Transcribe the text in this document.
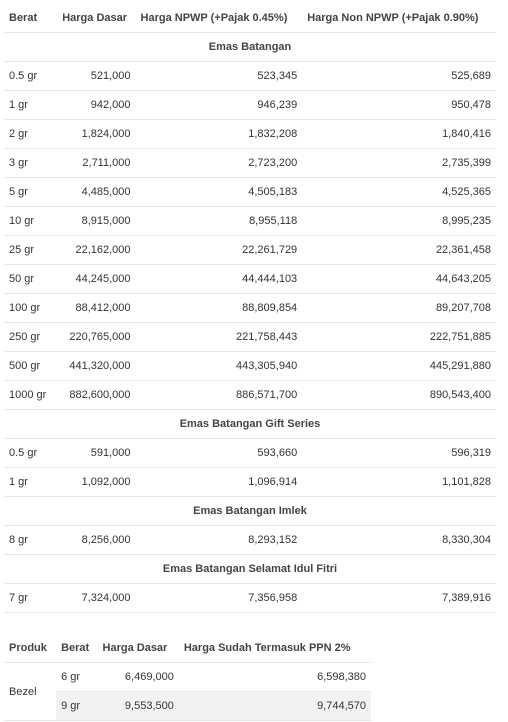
Berat	Harga Dasar	Harga NPWP (+Pajak 0.45%)	Harga Non NPWP (+Pajak 0.90%)
Emas Batangan			
0.5 gr	521,000	523,345	525,689
1 gr	942,000	946,239	950,478
2 gr	1,824,000	1,832,208	1,840,416
3 gr	2,711,000	2,723,200	2,735,399
5 gr	4,485,000	4,505,183	4,525,365
10 gr	8,915,000	8,955,118	8,995,235
25 gr	22,162,000	22,261,729	22,361,458
50 gr	44,245,000	44,444,103	44,643,205
100 gr	88,412,000	88,809,854	89,207,708
250 gr	220,765,000	221,758,443	222,751,885
500 gr	441,320,000	443,305,940	445,291,880
1000 gr	882,600,000	886,571,700	890,543,400
Emas Batangan Gift Series			
0.5 gr	591,000	593,660	596,319
1 gr	1,092,000	1,096,914	1,101,828
Emas Batangan Imlek			
8 gr	8,256,000	8,293,152	8,330,304
Emas Batangan Selamat Idul Fitri			
7 gr	7,324,000	7,356,958	7,389,916
Produk	Berat	Harga Dasar	Harga Sudah Termasuk PPN 2%
Bezel	6 gr	6,469,000	6,598,380
	9 gr	9,553,500	9,744,570
